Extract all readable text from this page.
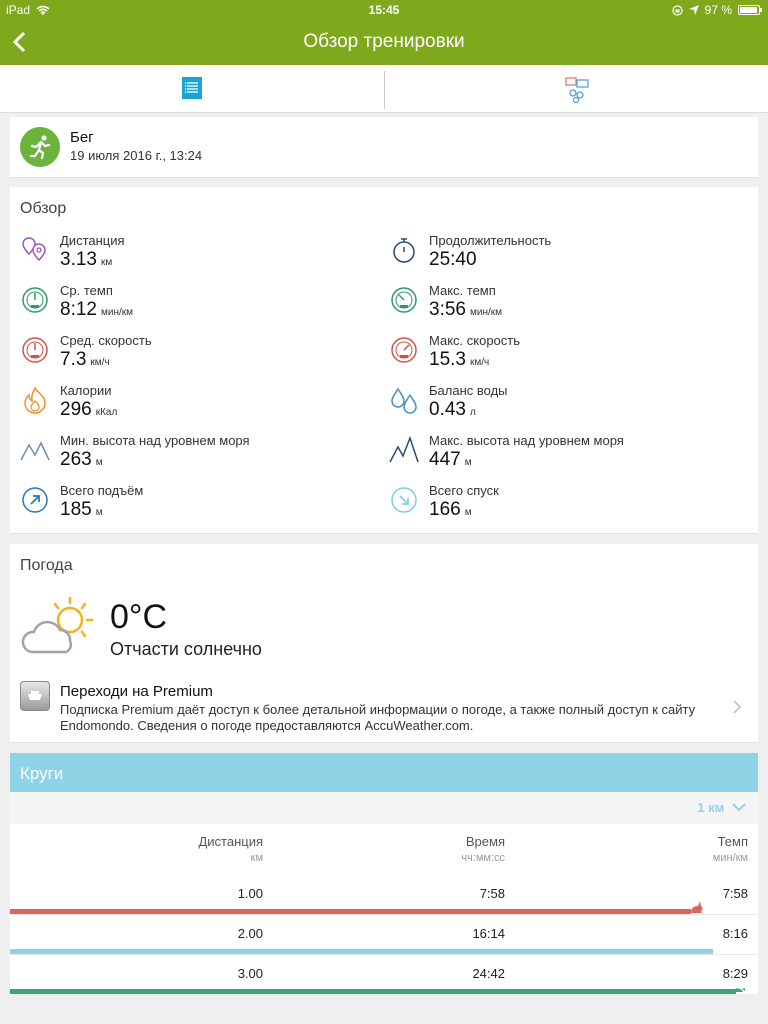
iPad	15:45	97 %
Обзор тренировки
Бег
19 июля 2016 г., 13:24
Обзор
Дистанция
3.13 км
Продолжительность
25:40
Ср. темп
8:12 мин/км
Макс. темп
3:56 мин/км
Сред. скорость
7.3 км/ч
Макс. скорость
15.3 км/ч
Калории
296 кКал
Баланс воды
0.43 л
Мин. высота над уровнем моря
263 м
Макс. высота над уровнем моря
447 м
Всего подъём
185 м
Всего спуск
166 м
Погода
0°C
Отчасти солнечно
Переходи на Premium
Подписка Premium даёт доступ к более детальной информации о погоде, а также полный доступ к сайту Endomondo. Сведения о погоде предоставляются AccuWeather.com.
Круги
1 км
Дистанция
км
Время
чч:мм:сс
Темп
мин/км
1.00	7:58	7:58
2.00	16:14	8:16
3.00	24:42	8:29
